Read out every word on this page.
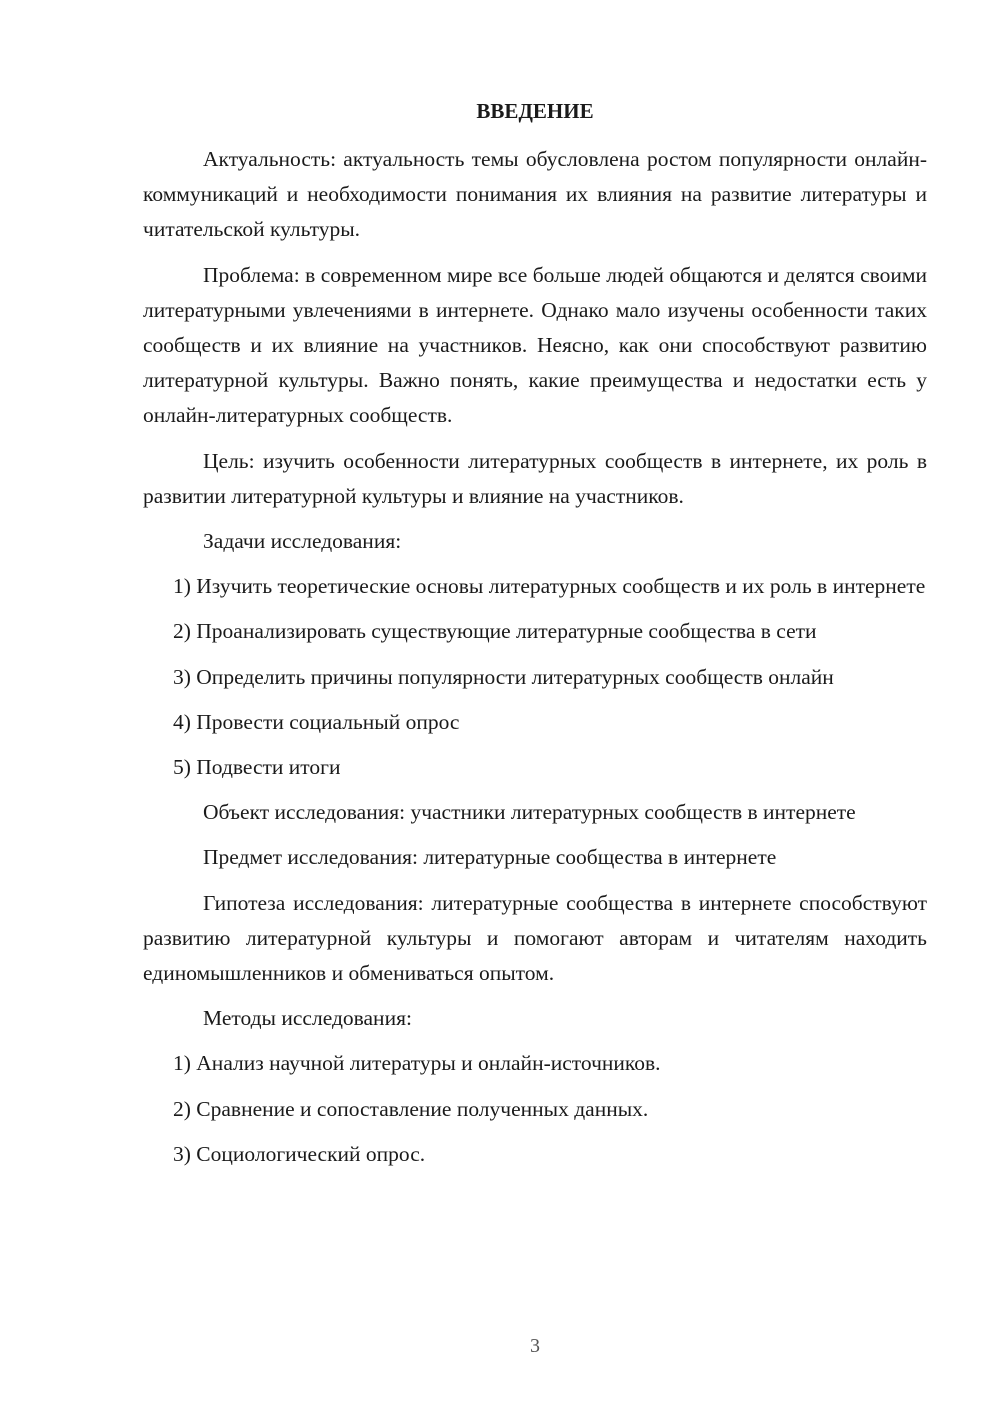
ВВЕДЕНИЕ

Актуальность: актуальность темы обусловлена ростом популярности онлайн-коммуникаций и необходимости понимания их влияния на развитие литературы и читательской культуры.

Проблема: в современном мире все больше людей общаются и делятся своими литературными увлечениями в интернете. Однако мало изучены особенности таких сообществ и их влияние на участников. Неясно, как они способствуют развитию литературной культуры. Важно понять, какие преимущества и недостатки есть у онлайн-литературных сообществ.

Цель: изучить особенности литературных сообществ в интернете, их роль в развитии литературной культуры и влияние на участников.

Задачи исследования:

1) Изучить теоретические основы литературных сообществ и их роль в интернете

2) Проанализировать существующие литературные сообщества в сети

3) Определить причины популярности литературных сообществ онлайн

4) Провести социальный опрос

5) Подвести итоги

Объект исследования: участники литературных сообществ в интернете

Предмет исследования: литературные сообщества в интернете

Гипотеза исследования: литературные сообщества в интернете способствуют развитию литературной культуры и помогают авторам и читателям находить единомышленников и обмениваться опытом.

Методы исследования:

1) Анализ научной литературы и онлайн-источников.

2) Сравнение и сопоставление полученных данных.

3) Социологический опрос.

3
